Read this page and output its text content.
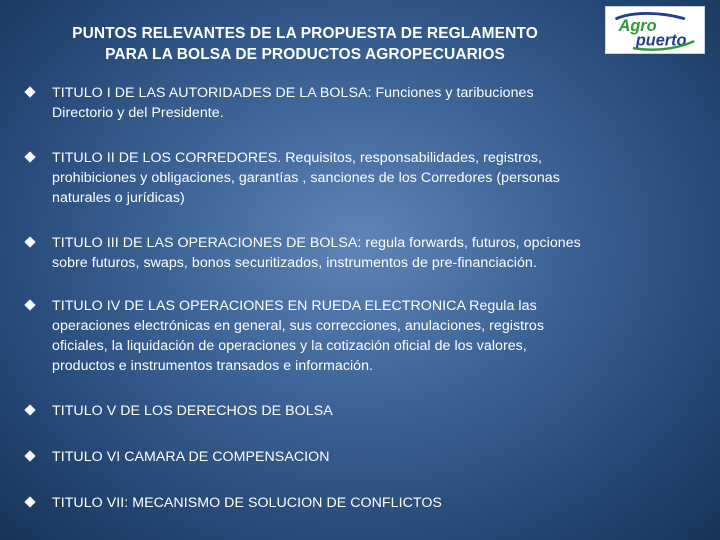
PUNTOS RELEVANTES DE LA PROPUESTA DE REGLAMENTO
PARA LA BOLSA DE PRODUCTOS AGROPECUARIOS
Agro
puerto
TITULO I DE LAS AUTORIDADES DE LA BOLSA: Funciones y taribuciones
Directorio y del Presidente.
TITULO II DE LOS CORREDORES. Requisitos, responsabilidades, registros,
prohibiciones y obligaciones, garantías , sanciones de los Corredores (personas
naturales o jurídicas)
TITULO III DE LAS OPERACIONES DE BOLSA: regula forwards, futuros, opciones
sobre futuros, swaps, bonos securitizados, instrumentos de pre-financiación.
TITULO IV DE LAS OPERACIONES EN RUEDA ELECTRONICA Regula las
operaciones electrónicas en general, sus correcciones, anulaciones, registros
oficiales, la liquidación de operaciones y la cotización oficial de los valores,
productos e instrumentos transados e información.
TITULO V DE LOS DERECHOS DE BOLSA
TITULO VI CAMARA DE COMPENSACION
TITULO VII: MECANISMO DE SOLUCION DE CONFLICTOS
